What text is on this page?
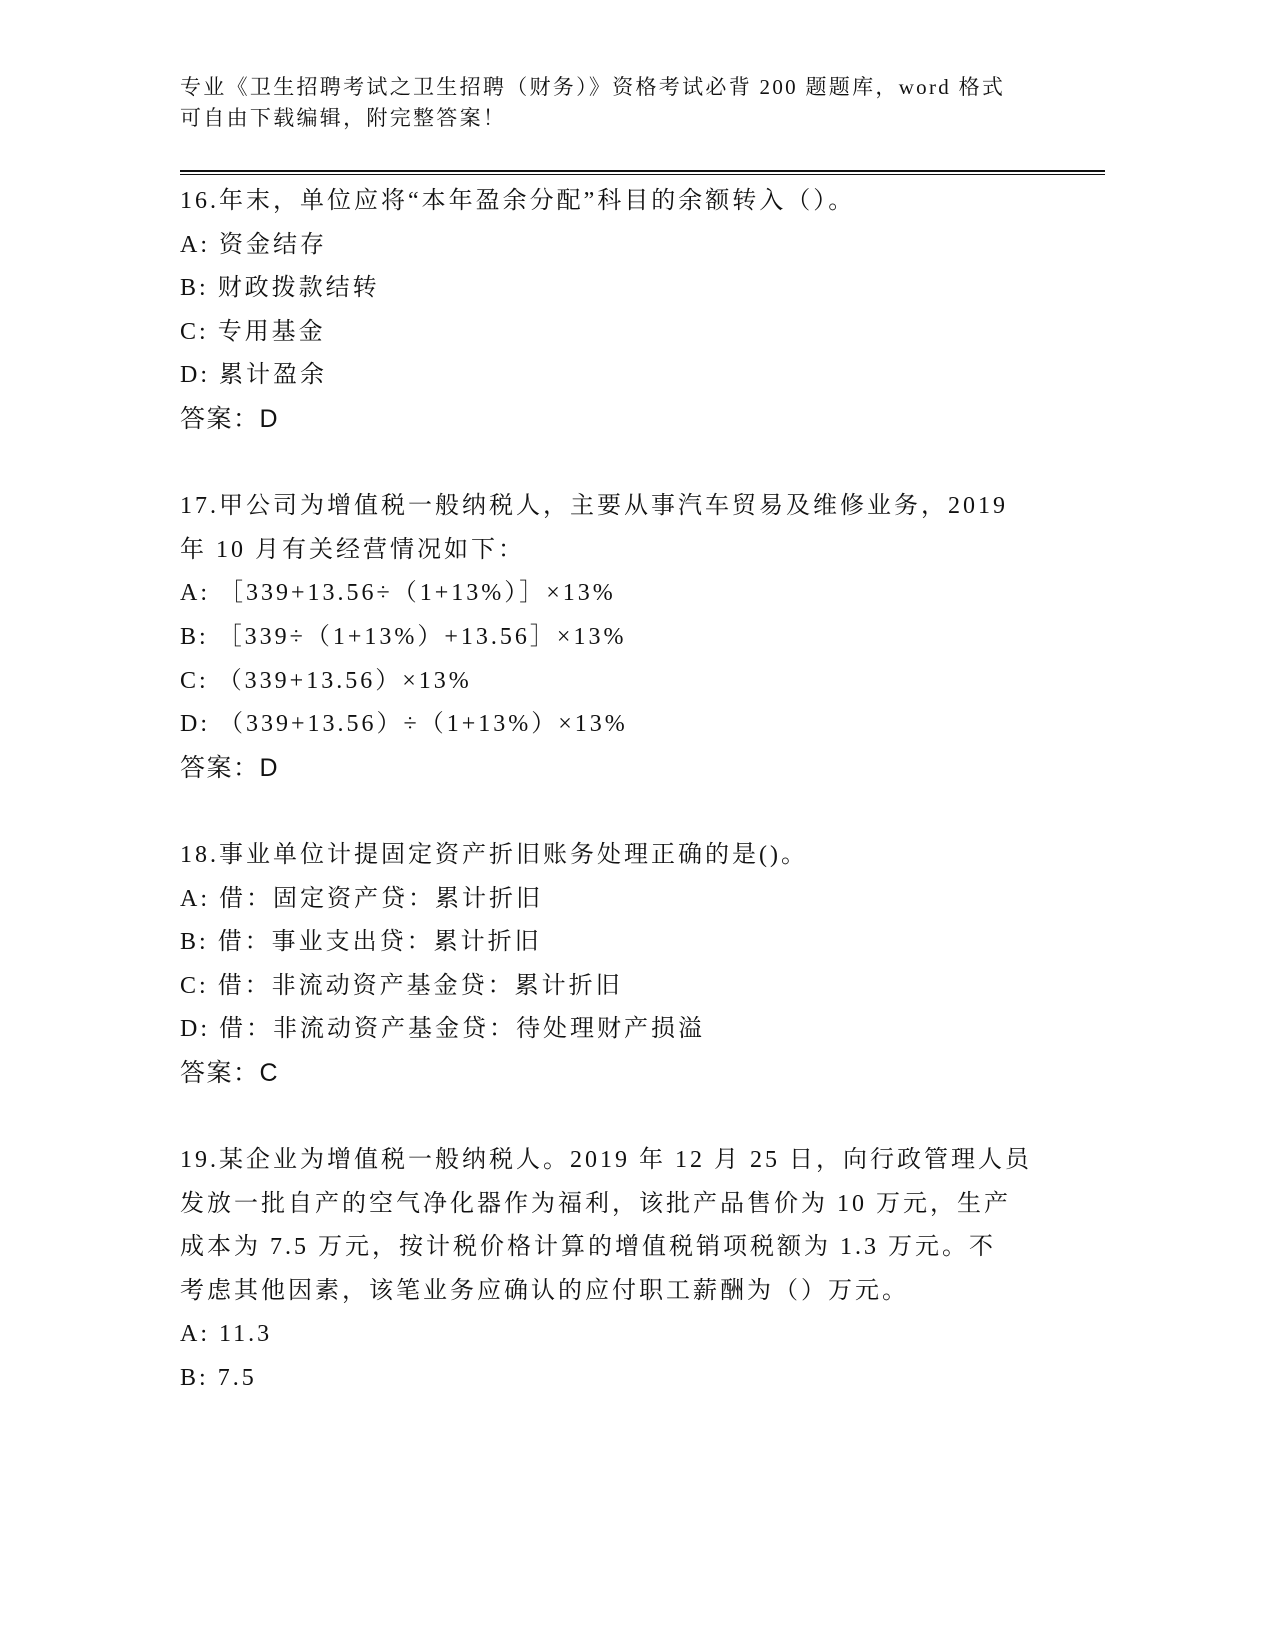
专业《卫生招聘考试之卫生招聘（财务）》资格考试必背 200 题题库，word 格式
可自由下载编辑，附完整答案！
16.年末，单位应将“本年盈余分配”科目的余额转入（）。
A: 资金结存
B: 财政拨款结转
C: 专用基金
D: 累计盈余
答案：D
17.甲公司为增值税一般纳税人，主要从事汽车贸易及维修业务，2019
年 10 月有关经营情况如下：
A: ［339+13.56÷（1+13%）］×13%
B: ［339÷（1+13%）+13.56］×13%
C: （339+13.56）×13%
D: （339+13.56）÷（1+13%）×13%
答案：D
18.事业单位计提固定资产折旧账务处理正确的是()。
A: 借：固定资产贷：累计折旧
B: 借：事业支出贷：累计折旧
C: 借：非流动资产基金贷：累计折旧
D: 借：非流动资产基金贷：待处理财产损溢
答案：C
19.某企业为增值税一般纳税人。2019 年 12 月 25 日，向行政管理人员
发放一批自产的空气净化器作为福利，该批产品售价为 10 万元，生产
成本为 7.5 万元，按计税价格计算的增值税销项税额为 1.3 万元。不
考虑其他因素，该笔业务应确认的应付职工薪酬为（）万元。
A: 11.3
B: 7.5
